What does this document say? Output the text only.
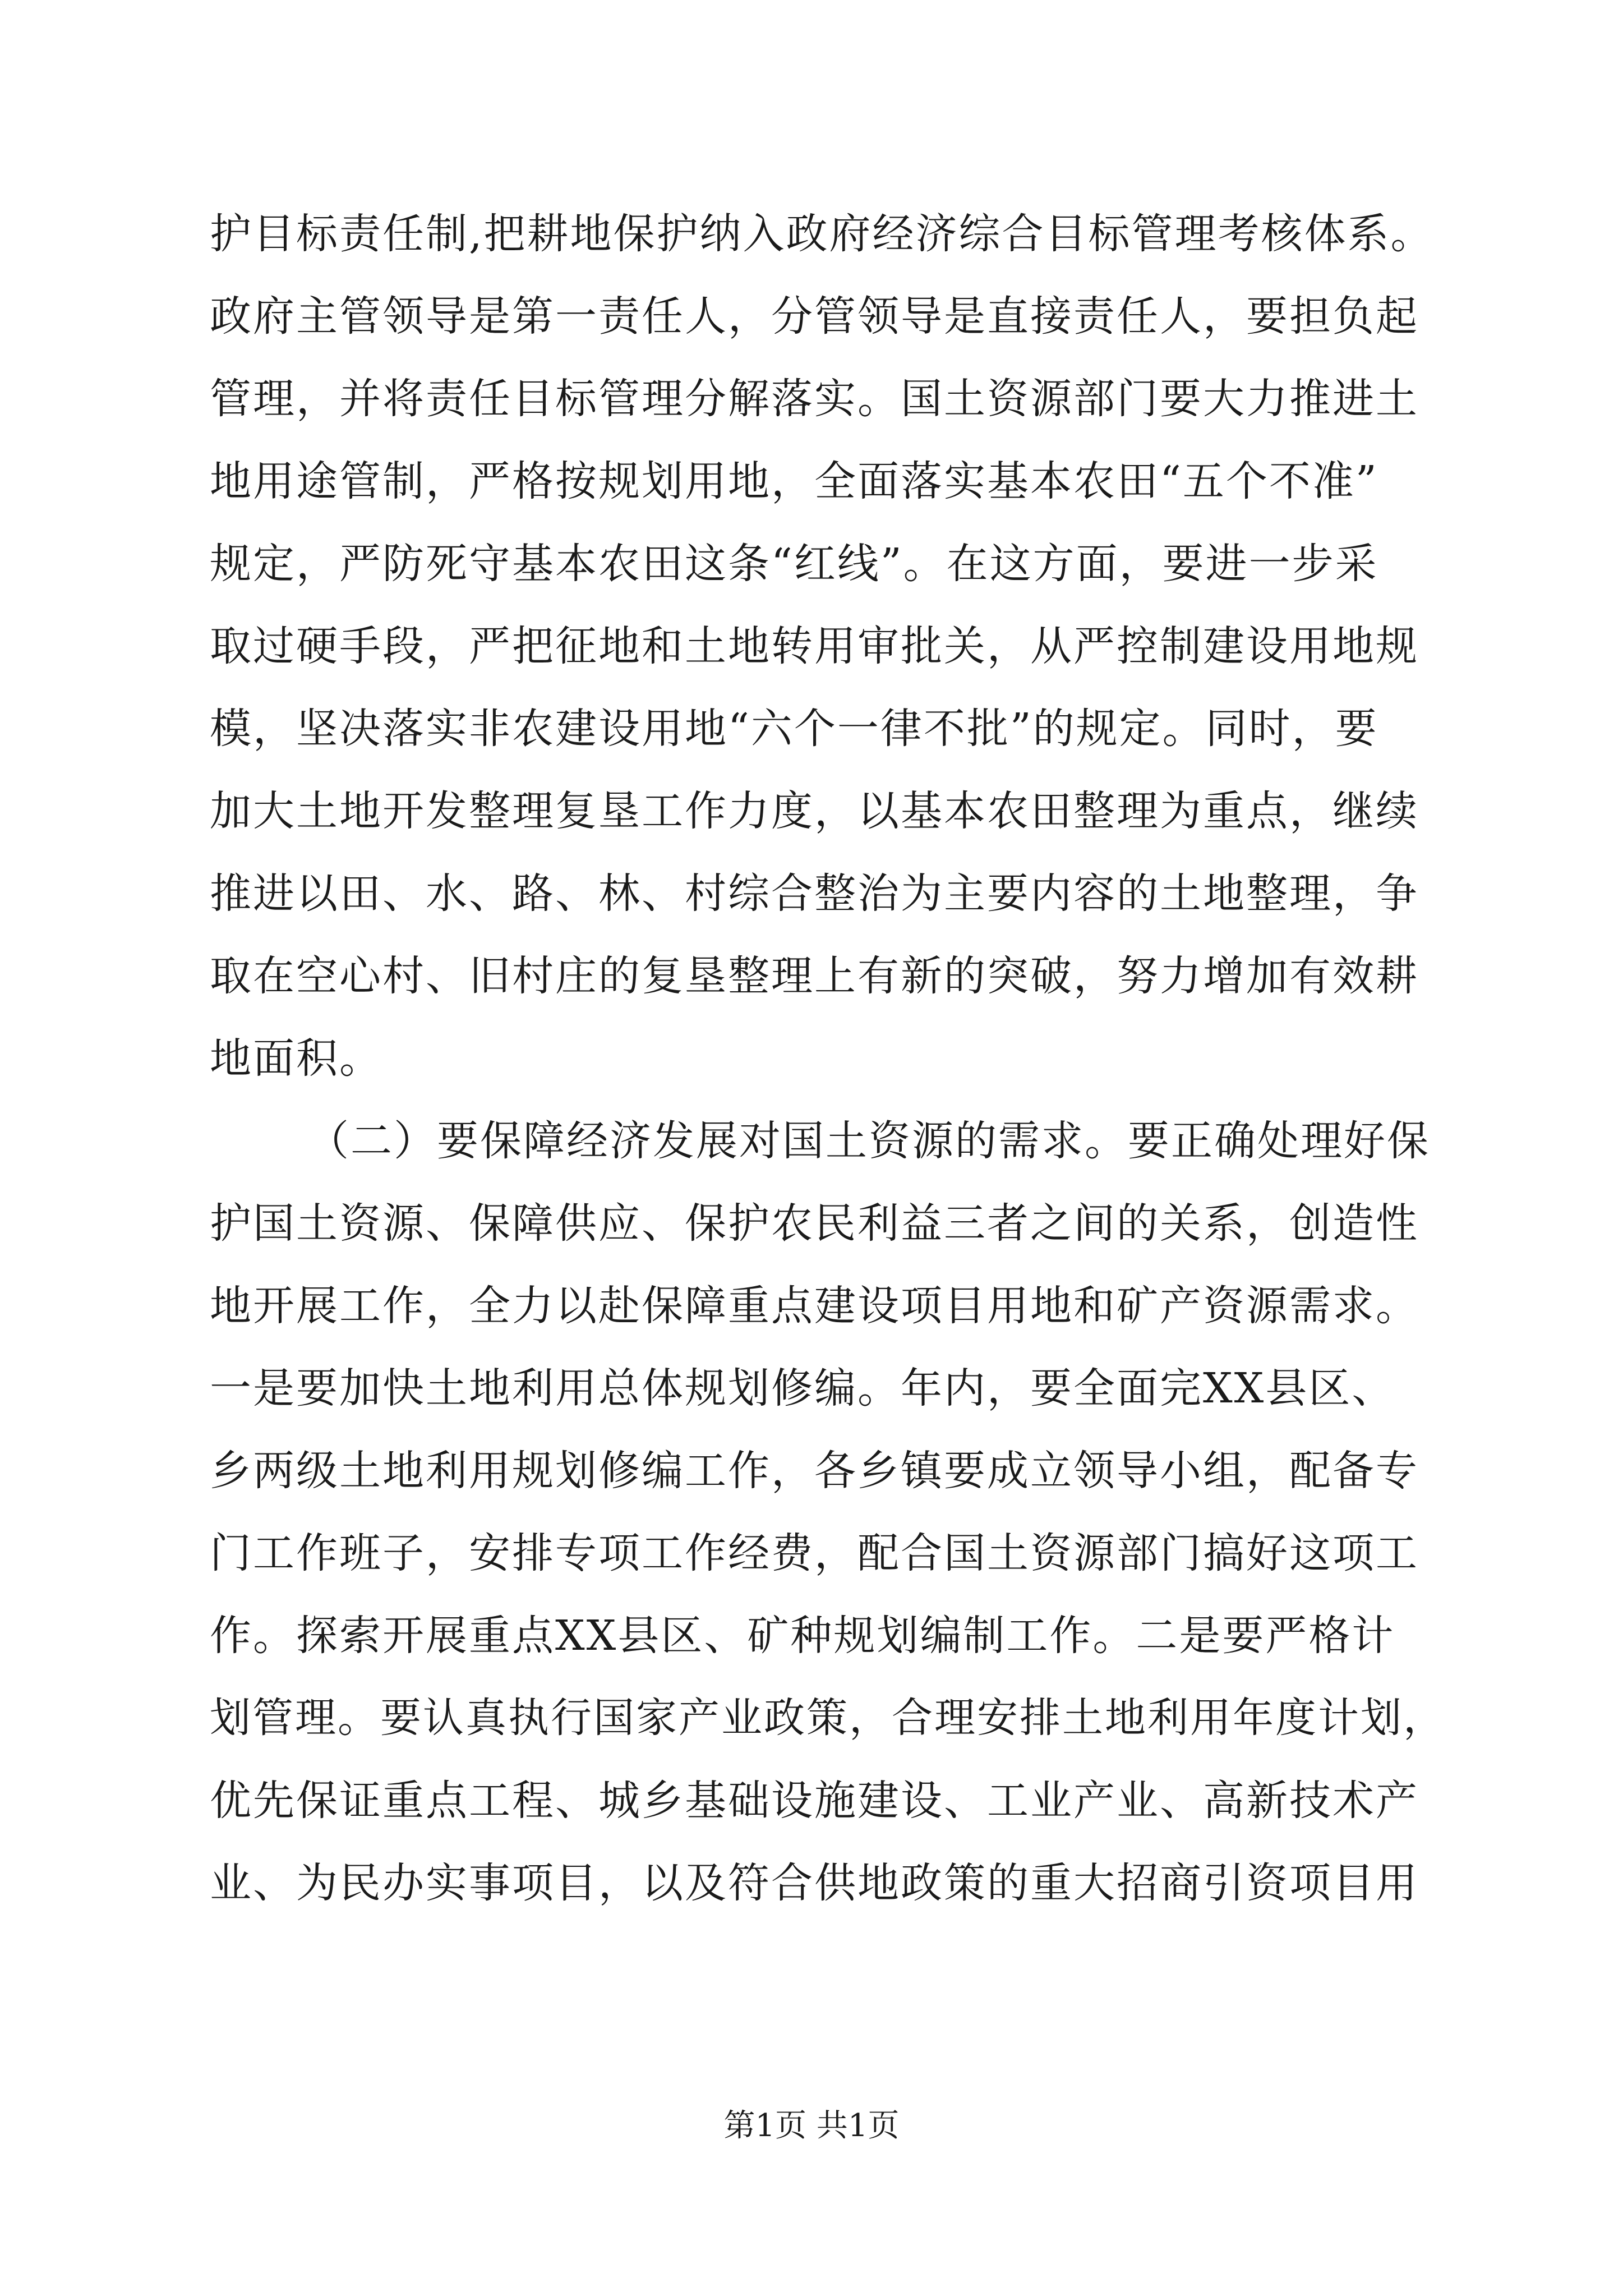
护目标责任制,把耕地保护纳入政府经济综合目标管理考核体系。
政府主管领导是第一责任人，分管领导是直接责任人，要担负起
管理，并将责任目标管理分解落实。国土资源部门要大力推进土
地用途管制，严格按规划用地，全面落实基本农田“五个不准”
规定，严防死守基本农田这条“红线”。在这方面，要进一步采
取过硬手段，严把征地和土地转用审批关，从严控制建设用地规
模，坚决落实非农建设用地“六个一律不批”的规定。同时，要
加大土地开发整理复垦工作力度，以基本农田整理为重点，继续
推进以田、水、路、林、村综合整治为主要内容的土地整理，争
取在空心村、旧村庄的复垦整理上有新的突破，努力增加有效耕
地面积。
（二）要保障经济发展对国土资源的需求。要正确处理好保
护国土资源、保障供应、保护农民利益三者之间的关系，创造性
地开展工作，全力以赴保障重点建设项目用地和矿产资源需求。
一是要加快土地利用总体规划修编。年内，要全面完XX县区、
乡两级土地利用规划修编工作，各乡镇要成立领导小组，配备专
门工作班子，安排专项工作经费，配合国土资源部门搞好这项工
作。探索开展重点XX县区、矿种规划编制工作。二是要严格计
划管理。要认真执行国家产业政策，合理安排土地利用年度计划，
优先保证重点工程、城乡基础设施建设、工业产业、高新技术产
业、为民办实事项目，以及符合供地政策的重大招商引资项目用
第1页 共1页
